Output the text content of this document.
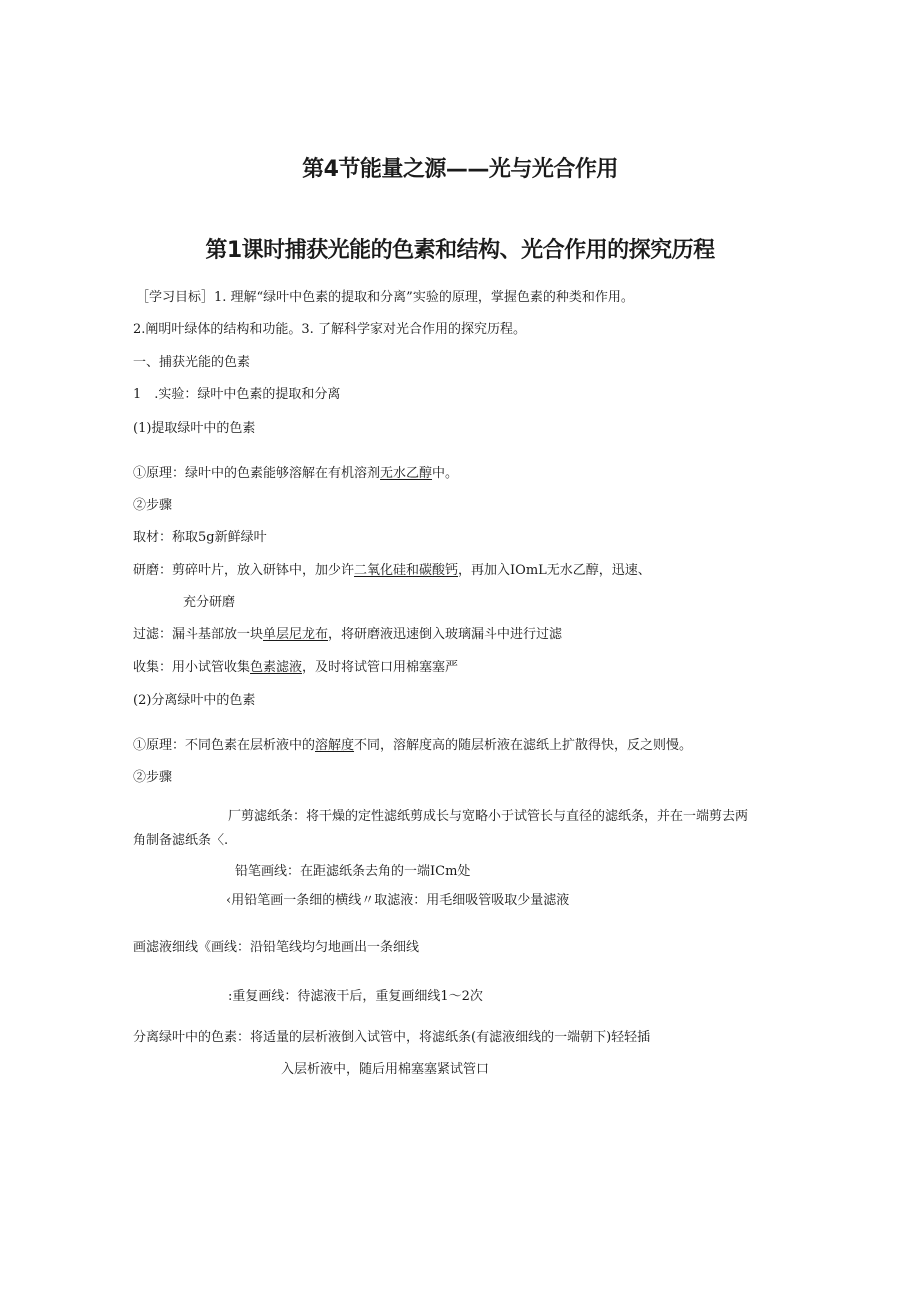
第4节能量之源——光与光合作用
第1课时捕获光能的色素和结构、光合作用的探究历程

［学习目标］1. 理解“绿叶中色素的提取和分离”实验的原理，掌握色素的种类和作用。

2.阐明叶绿体的结构和功能。3. 了解科学家对光合作用的探究历程。

一、捕获光能的色素

1　.实验：绿叶中色素的提取和分离

(1)提取绿叶中的色素

①原理：绿叶中的色素能够溶解在有机溶剂无水乙醇中。

②步骤

取材：称取5g新鲜绿叶

研磨：剪碎叶片，放入研钵中，加少许二氧化硅和碳酸钙，再加入IOmL无水乙醇，迅速、

充分研磨

过滤：漏斗基部放一块单层尼龙布，将研磨液迅速倒入玻璃漏斗中进行过滤

收集：用小试管收集色素滤液，及时将试管口用棉塞塞严

(2)分离绿叶中的色素

①原理：不同色素在层析液中的溶解度不同，溶解度高的随层析液在滤纸上扩散得快，反之则慢。

②步骤

厂剪滤纸条：将干燥的定性滤纸剪成长与宽略小于试管长与直径的滤纸条，并在一端剪去两

角制备滤纸条〈.

铅笔画线：在距滤纸条去角的一端ICm处

‹用铅笔画一条细的横线〃取滤液：用毛细吸管吸取少量滤液

画滤液细线《画线：沿铅笔线均匀地画出一条细线

:重复画线：待滤液干后，重复画细线1〜2次

分离绿叶中的色素：将适量的层析液倒入试管中，将滤纸条(有滤液细线的一端朝下)轻轻插

入层析液中，随后用棉塞塞紧试管口
